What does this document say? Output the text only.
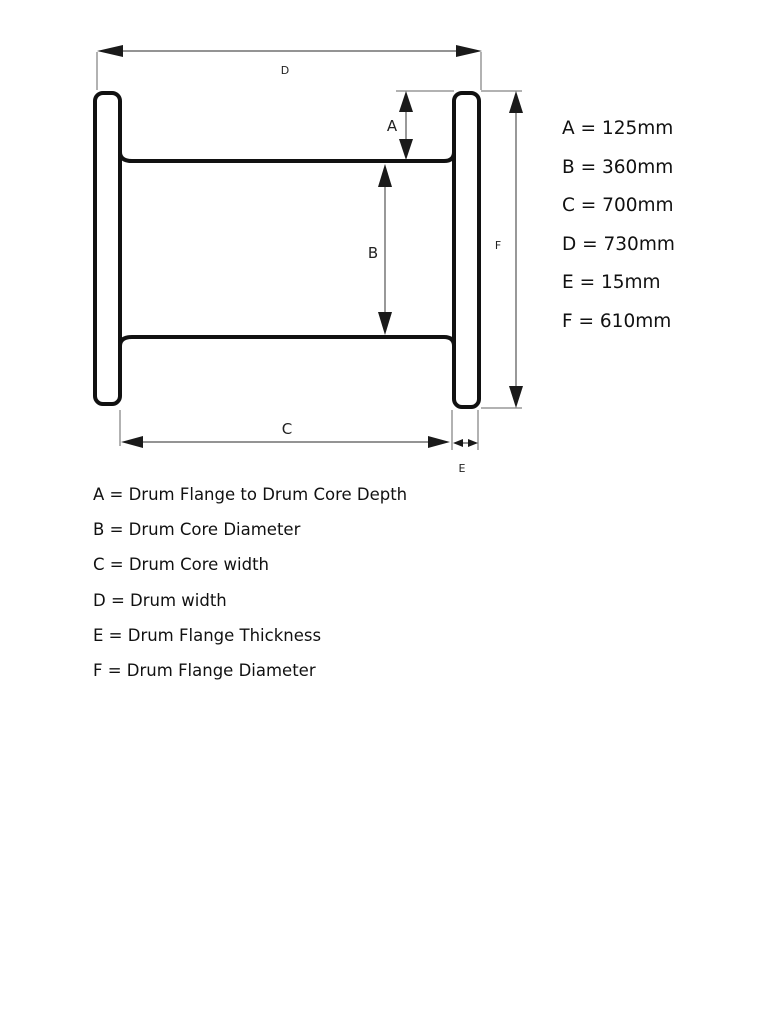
D
A
B	F
C
E
A = 125mm
B = 360mm
C = 700mm
D = 730mm
E = 15mm
F = 610mm
A = Drum Flange to Drum Core Depth
B = Drum Core Diameter
C = Drum Core width
D = Drum width
E = Drum Flange Thickness
F = Drum Flange Diameter
